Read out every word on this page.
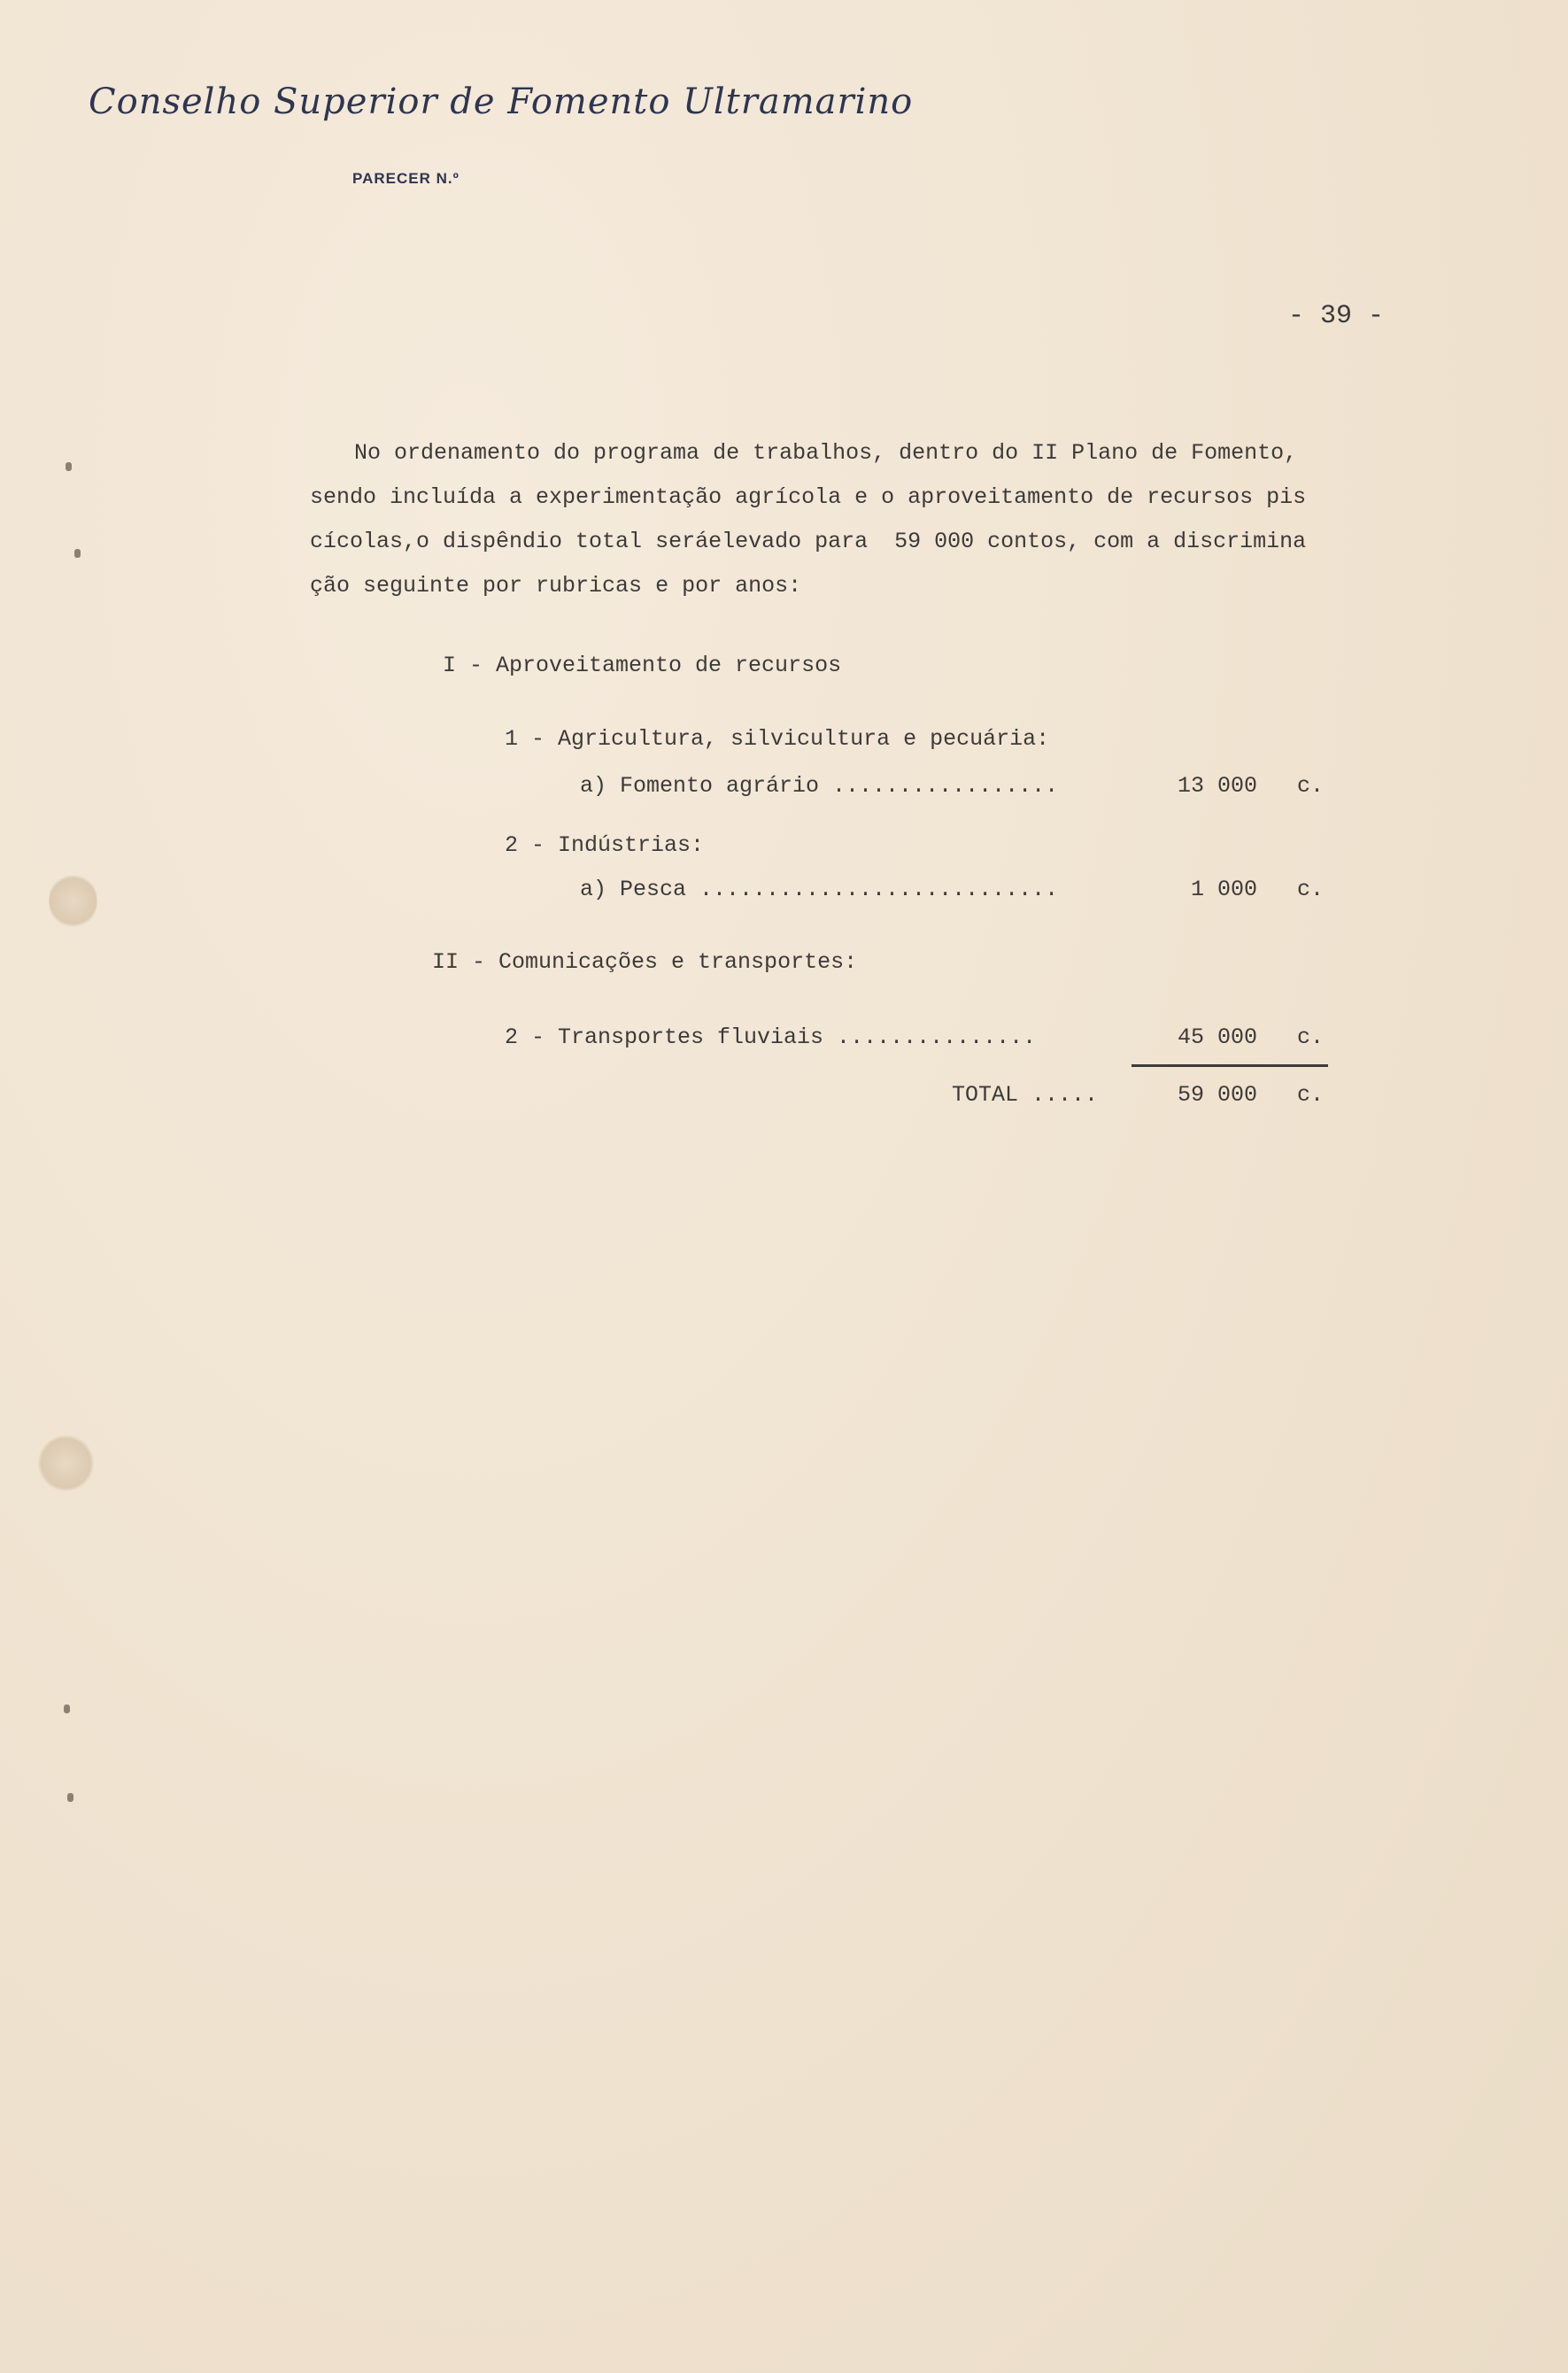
Conselho Superior de Fomento Ultramarino
PARECER N.º
- 39 -
No ordenamento do programa de trabalhos, dentro do II Plano de Fomento,
sendo incluída a experimentação agrícola e o aproveitamento de recursos pis
cícolas,o dispêndio total seráelevado para  59 000 contos, com a discrimina
ção seguinte por rubricas e por anos:
I - Aproveitamento de recursos
1 - Agricultura, silvicultura e pecuária:
a) Fomento agrário .................	13 000 c.
2 - Indústrias:
a) Pesca ...........................	1 000 c.
II - Comunicações e transportes:
2 - Transportes fluviais ...............	45 000 c.
TOTAL .....	59 000 c.
